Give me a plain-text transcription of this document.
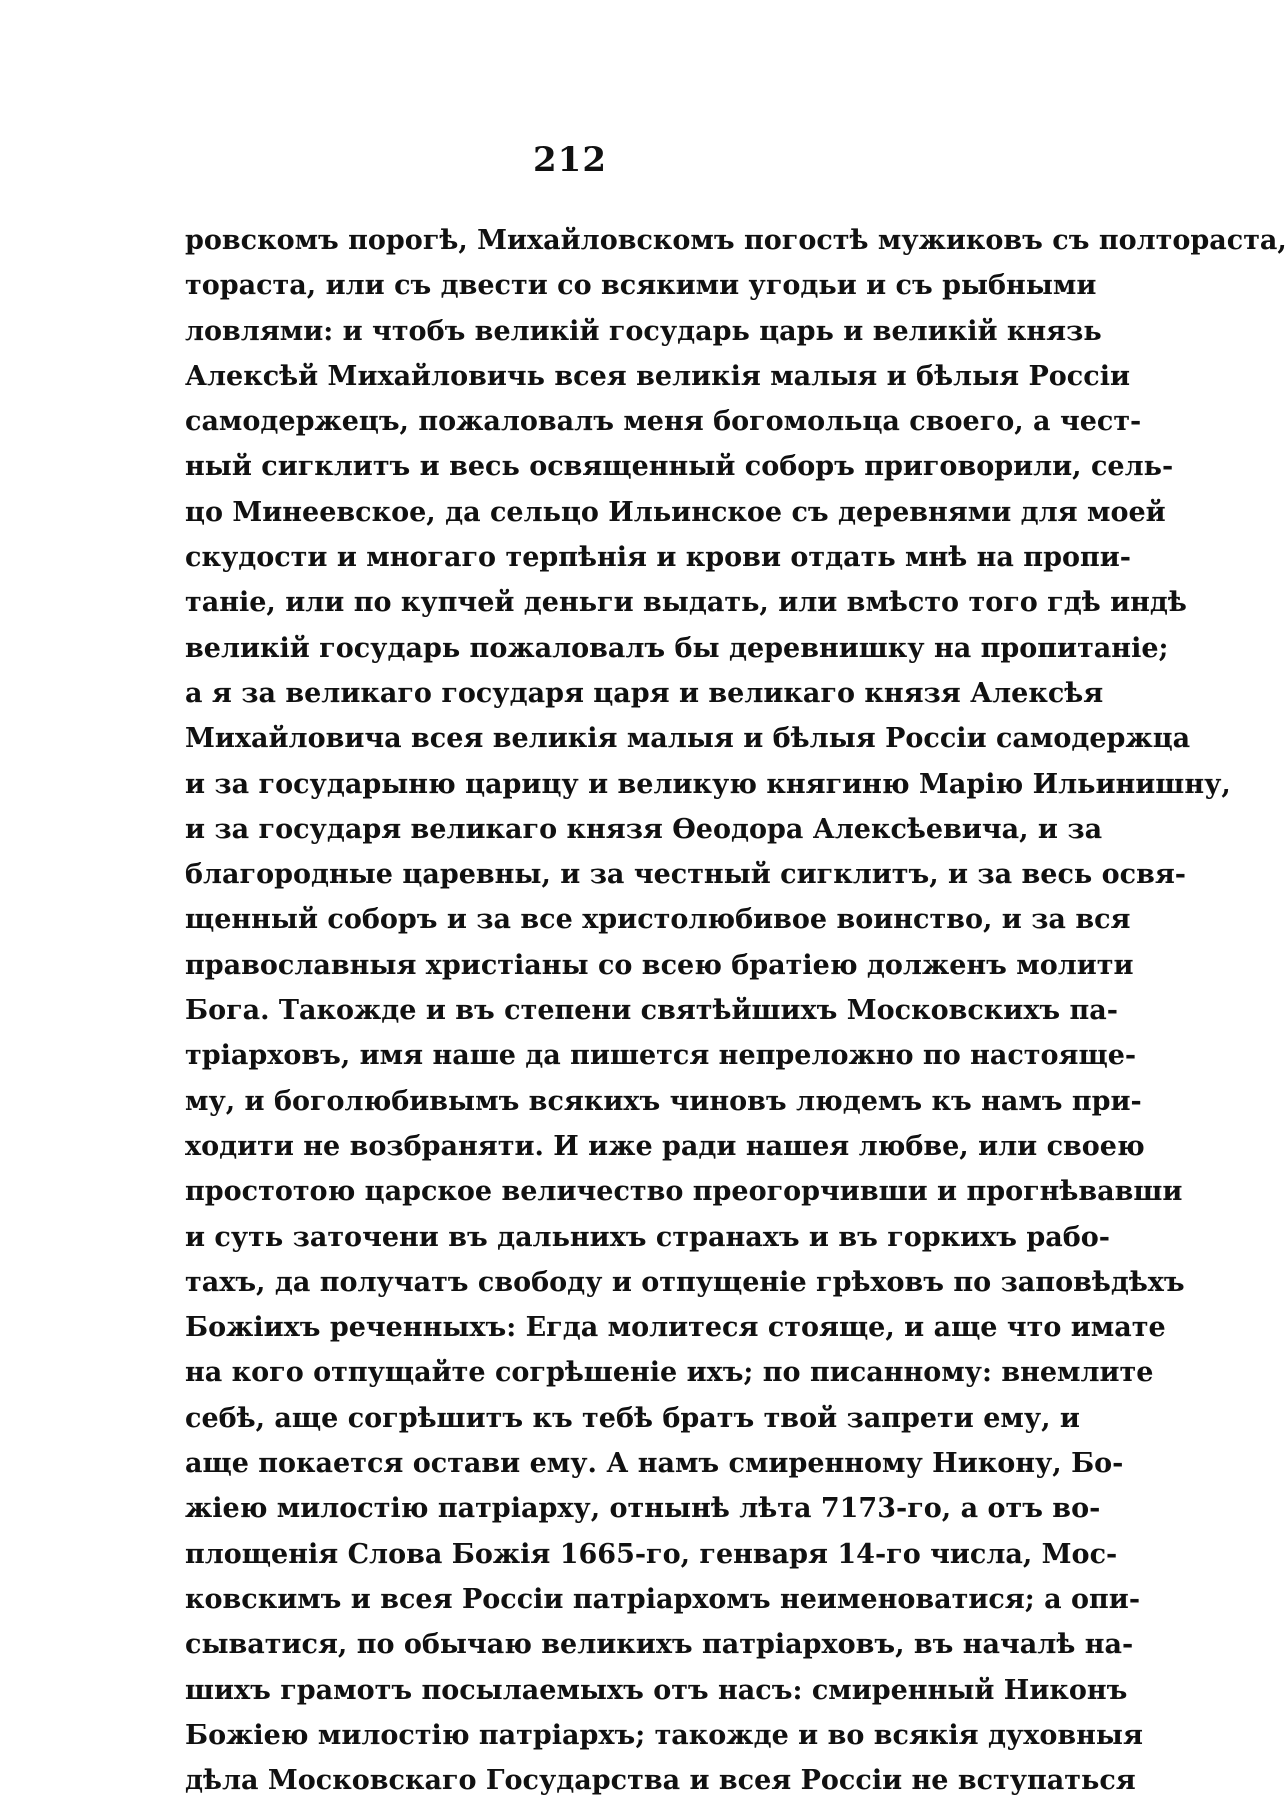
212
ровскомъ порогѣ, Михайловскомъ погостѣ мужиковъ съ полтораста,
тораста, или съ двести со всякими угодьи и съ рыбными
ловлями: и чтобъ великій государь царь и великій князь
Алексѣй Михайловичь всея великія малыя и бѣлыя Россіи
самодержецъ, пожаловалъ меня богомольца своего, а чест-
ный сигклитъ и весь освященный соборъ приговорили, сель-
цо Минеевское, да сельцо Ильинское съ деревнями для моей
скудости и многаго терпѣнія и крови отдать мнѣ на пропи-
таніе, или по купчей деньги выдать, или вмѣсто того гдѣ индѣ
великій государь пожаловалъ бы деревнишку на пропитаніе;
а я за великаго государя царя и великаго князя Алексѣя
Михайловича всея великія малыя и бѣлыя Россіи самодержца
и за государыню царицу и великую княгиню Марію Ильинишну,
и за государя великаго князя Ѳеодора Алексѣевича, и за
благородные царевны, и за честный сигклитъ, и за весь освя-
щенный соборъ и за все христолюбивое воинство, и за вся
православныя христіаны со всею братіею долженъ молити
Бога. Такожде и въ степени святѣйшихъ Московскихъ па-
тріарховъ, имя наше да пишется непреложно по настояще-
му, и боголюбивымъ всякихъ чиновъ людемъ къ намъ при-
ходити не возбраняти. И иже ради нашея любве, или своею
простотою царское величество преогорчивши и прогнѣвавши
и суть заточени въ дальнихъ странахъ и въ горкихъ рабо-
тахъ, да получатъ свободу и отпущеніе грѣховъ по заповѣдѣхъ
Божіихъ реченныхъ: Егда молитеся стояще, и аще что имате
на кого отпущайте согрѣшеніе ихъ; по писанному: внемлите
себѣ, аще согрѣшитъ къ тебѣ братъ твой запрети ему, и
аще покается остави ему. А намъ смиренному Никону, Бо-
жіею милостію патріарху, отнынѣ лѣта 7173-го, а отъ во-
площенія Слова Божія 1665-го, генваря 14-го числа, Мос-
ковскимъ и всея Россіи патріархомъ неименоватися; а опи-
сыватися, по обычаю великихъ патріарховъ, въ началѣ на-
шихъ грамотъ посылаемыхъ отъ насъ: смиренный Никонъ
Божіею милостію патріархъ; такожде и во всякія духовныя
дѣла Московскаго Государства и всея Россіи не вступаться
